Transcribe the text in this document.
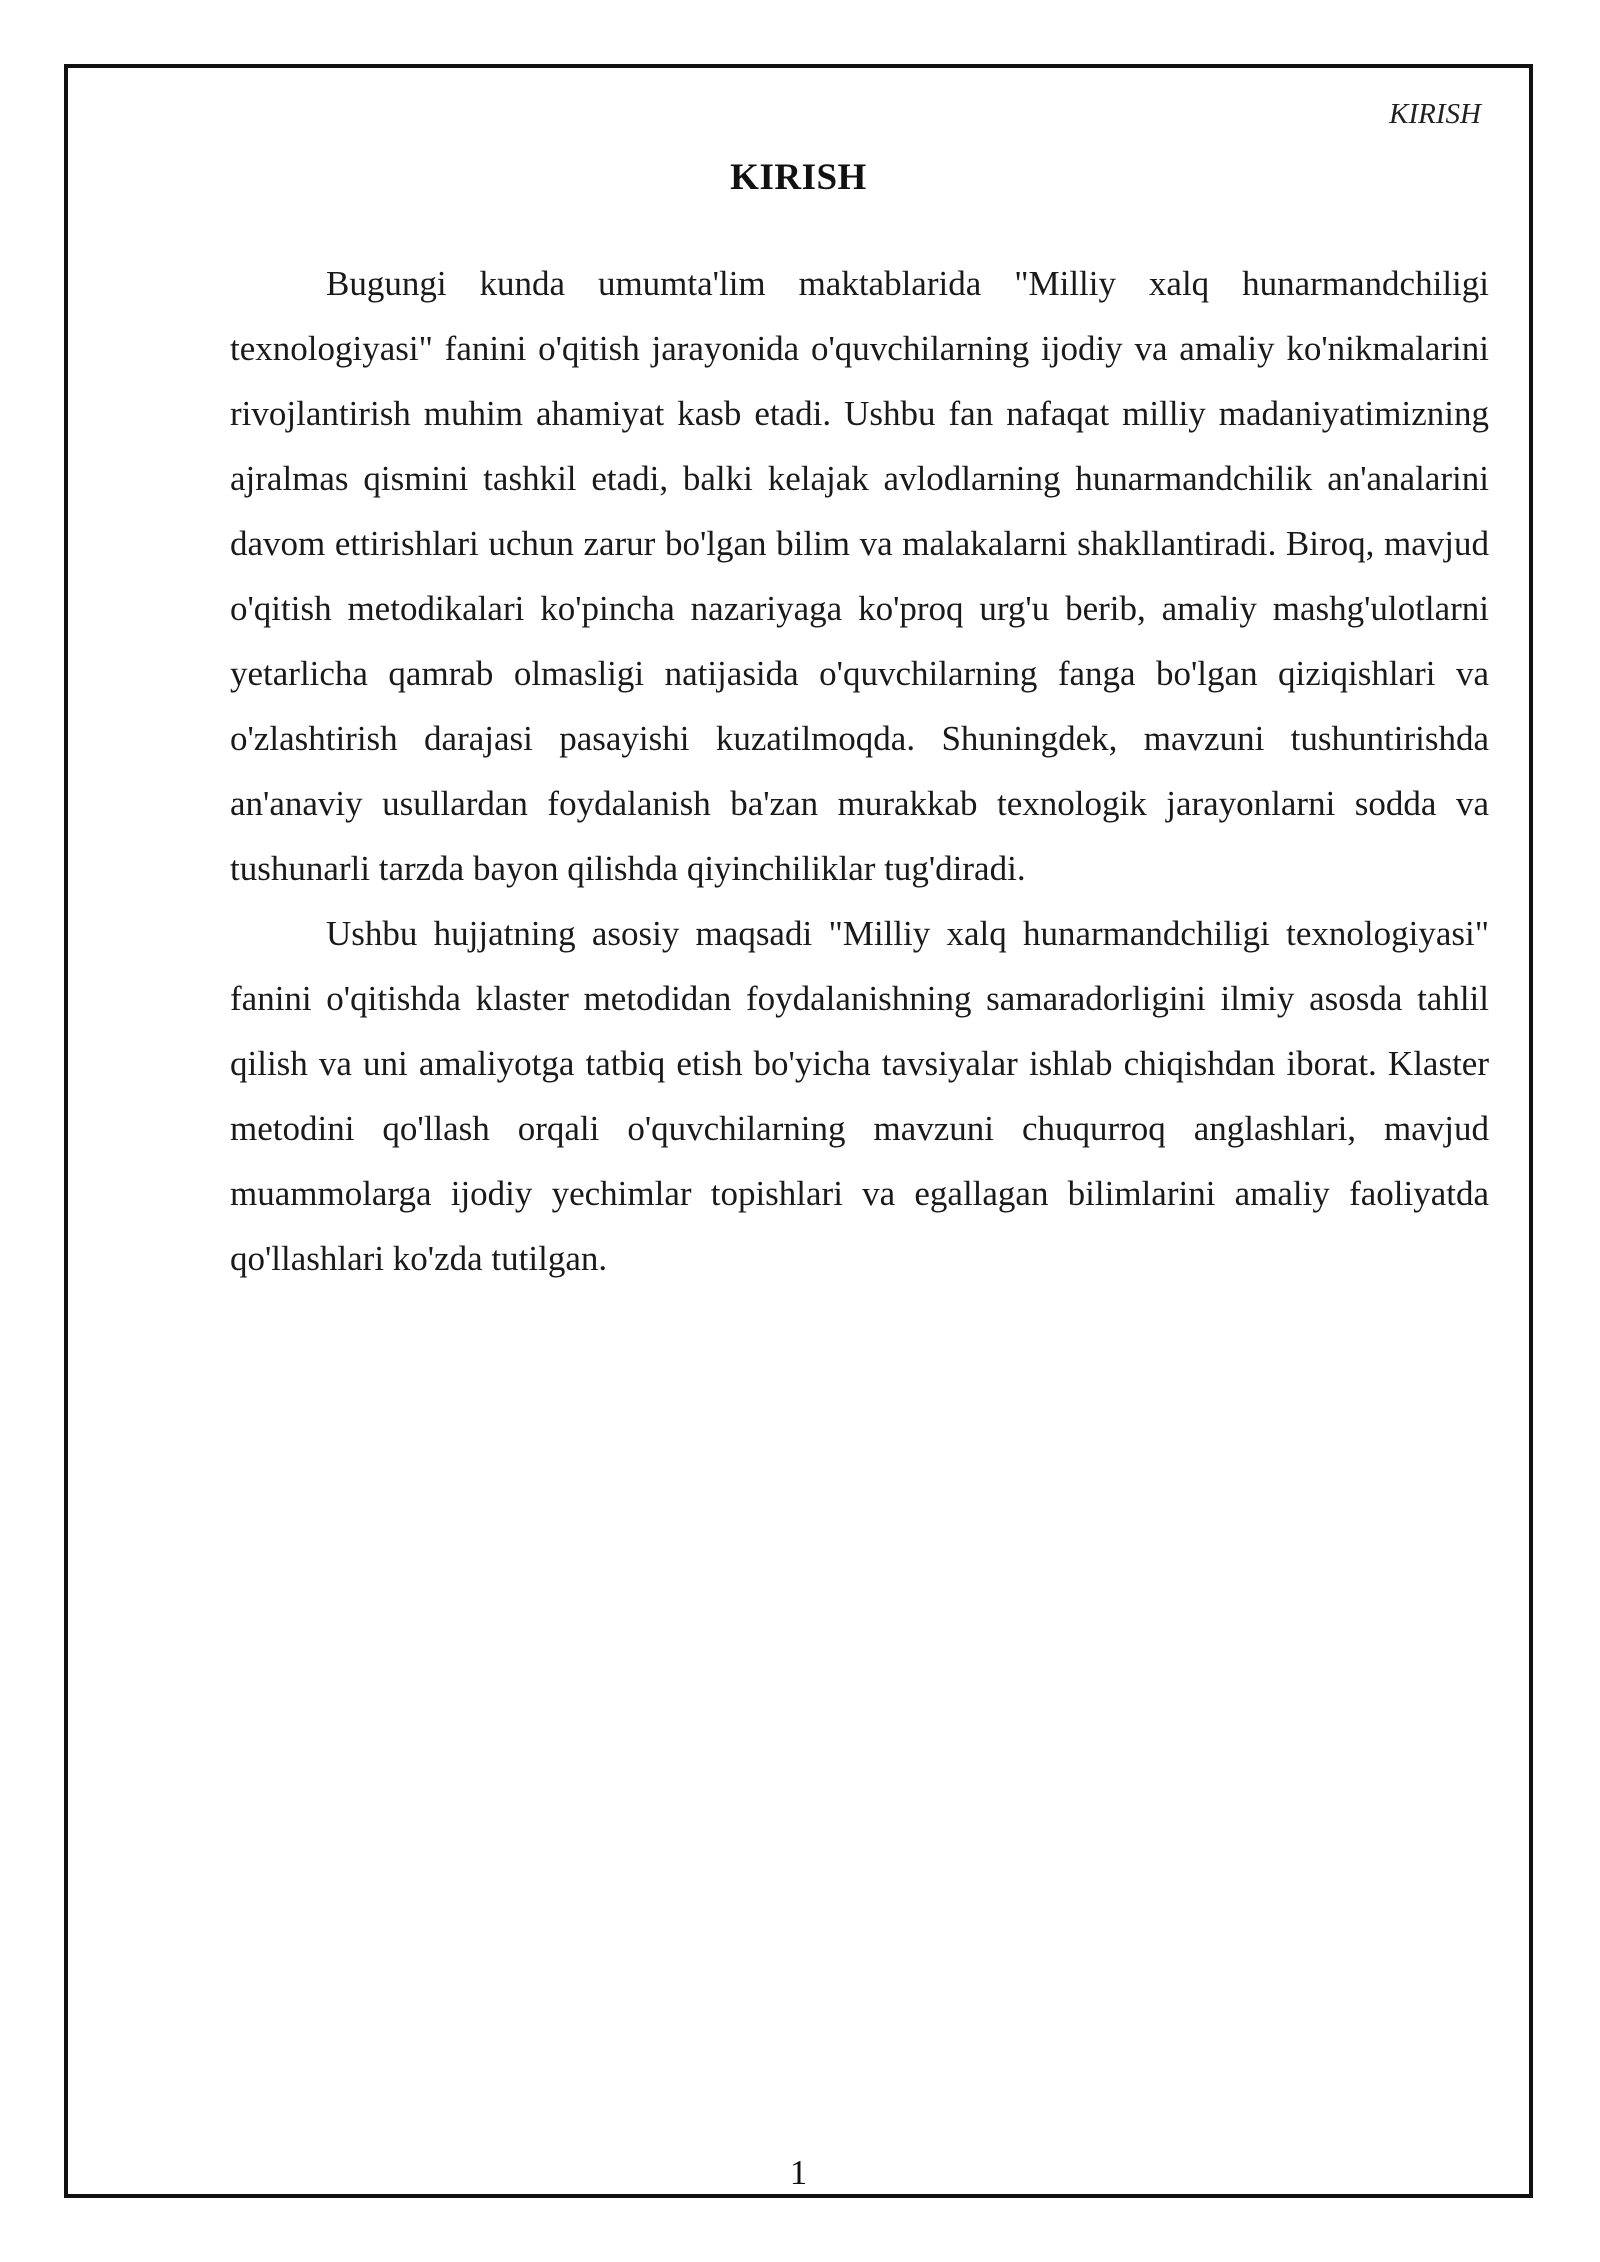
KIRISH

KIRISH

Bugungi kunda umumta'lim maktablarida "Milliy xalq hunarmandchiligi texnologiyasi" fanini o'qitish jarayonida o'quvchilarning ijodiy va amaliy ko'nikmalarini rivojlantirish muhim ahamiyat kasb etadi. Ushbu fan nafaqat milliy madaniyatimizning ajralmas qismini tashkil etadi, balki kelajak avlodlarning hunarmandchilik an'analarini davom ettirishlari uchun zarur bo'lgan bilim va malakalarni shakllantiradi. Biroq, mavjud o'qitish metodikalari ko'pincha nazariyaga ko'proq urg'u berib, amaliy mashg'ulotlarni yetarlicha qamrab olmasligi natijasida o'quvchilarning fanga bo'lgan qiziqishlari va o'zlashtirish darajasi pasayishi kuzatilmoqda. Shuningdek, mavzuni tushuntirishda an'anaviy usullardan foydalanish ba'zan murakkab texnologik jarayonlarni sodda va tushunarli tarzda bayon qilishda qiyinchiliklar tug'diradi.

Ushbu hujjatning asosiy maqsadi "Milliy xalq hunarmandchiligi texnologiyasi" fanini o'qitishda klaster metodidan foydalanishning samaradorligini ilmiy asosda tahlil qilish va uni amaliyotga tatbiq etish bo'yicha tavsiyalar ishlab chiqishdan iborat. Klaster metodini qo'llash orqali o'quvchilarning mavzuni chuqurroq anglashlari, mavjud muammolarga ijodiy yechimlar topishlari va egallagan bilimlarini amaliy faoliyatda qo'llashlari ko'zda tutilgan.

1
